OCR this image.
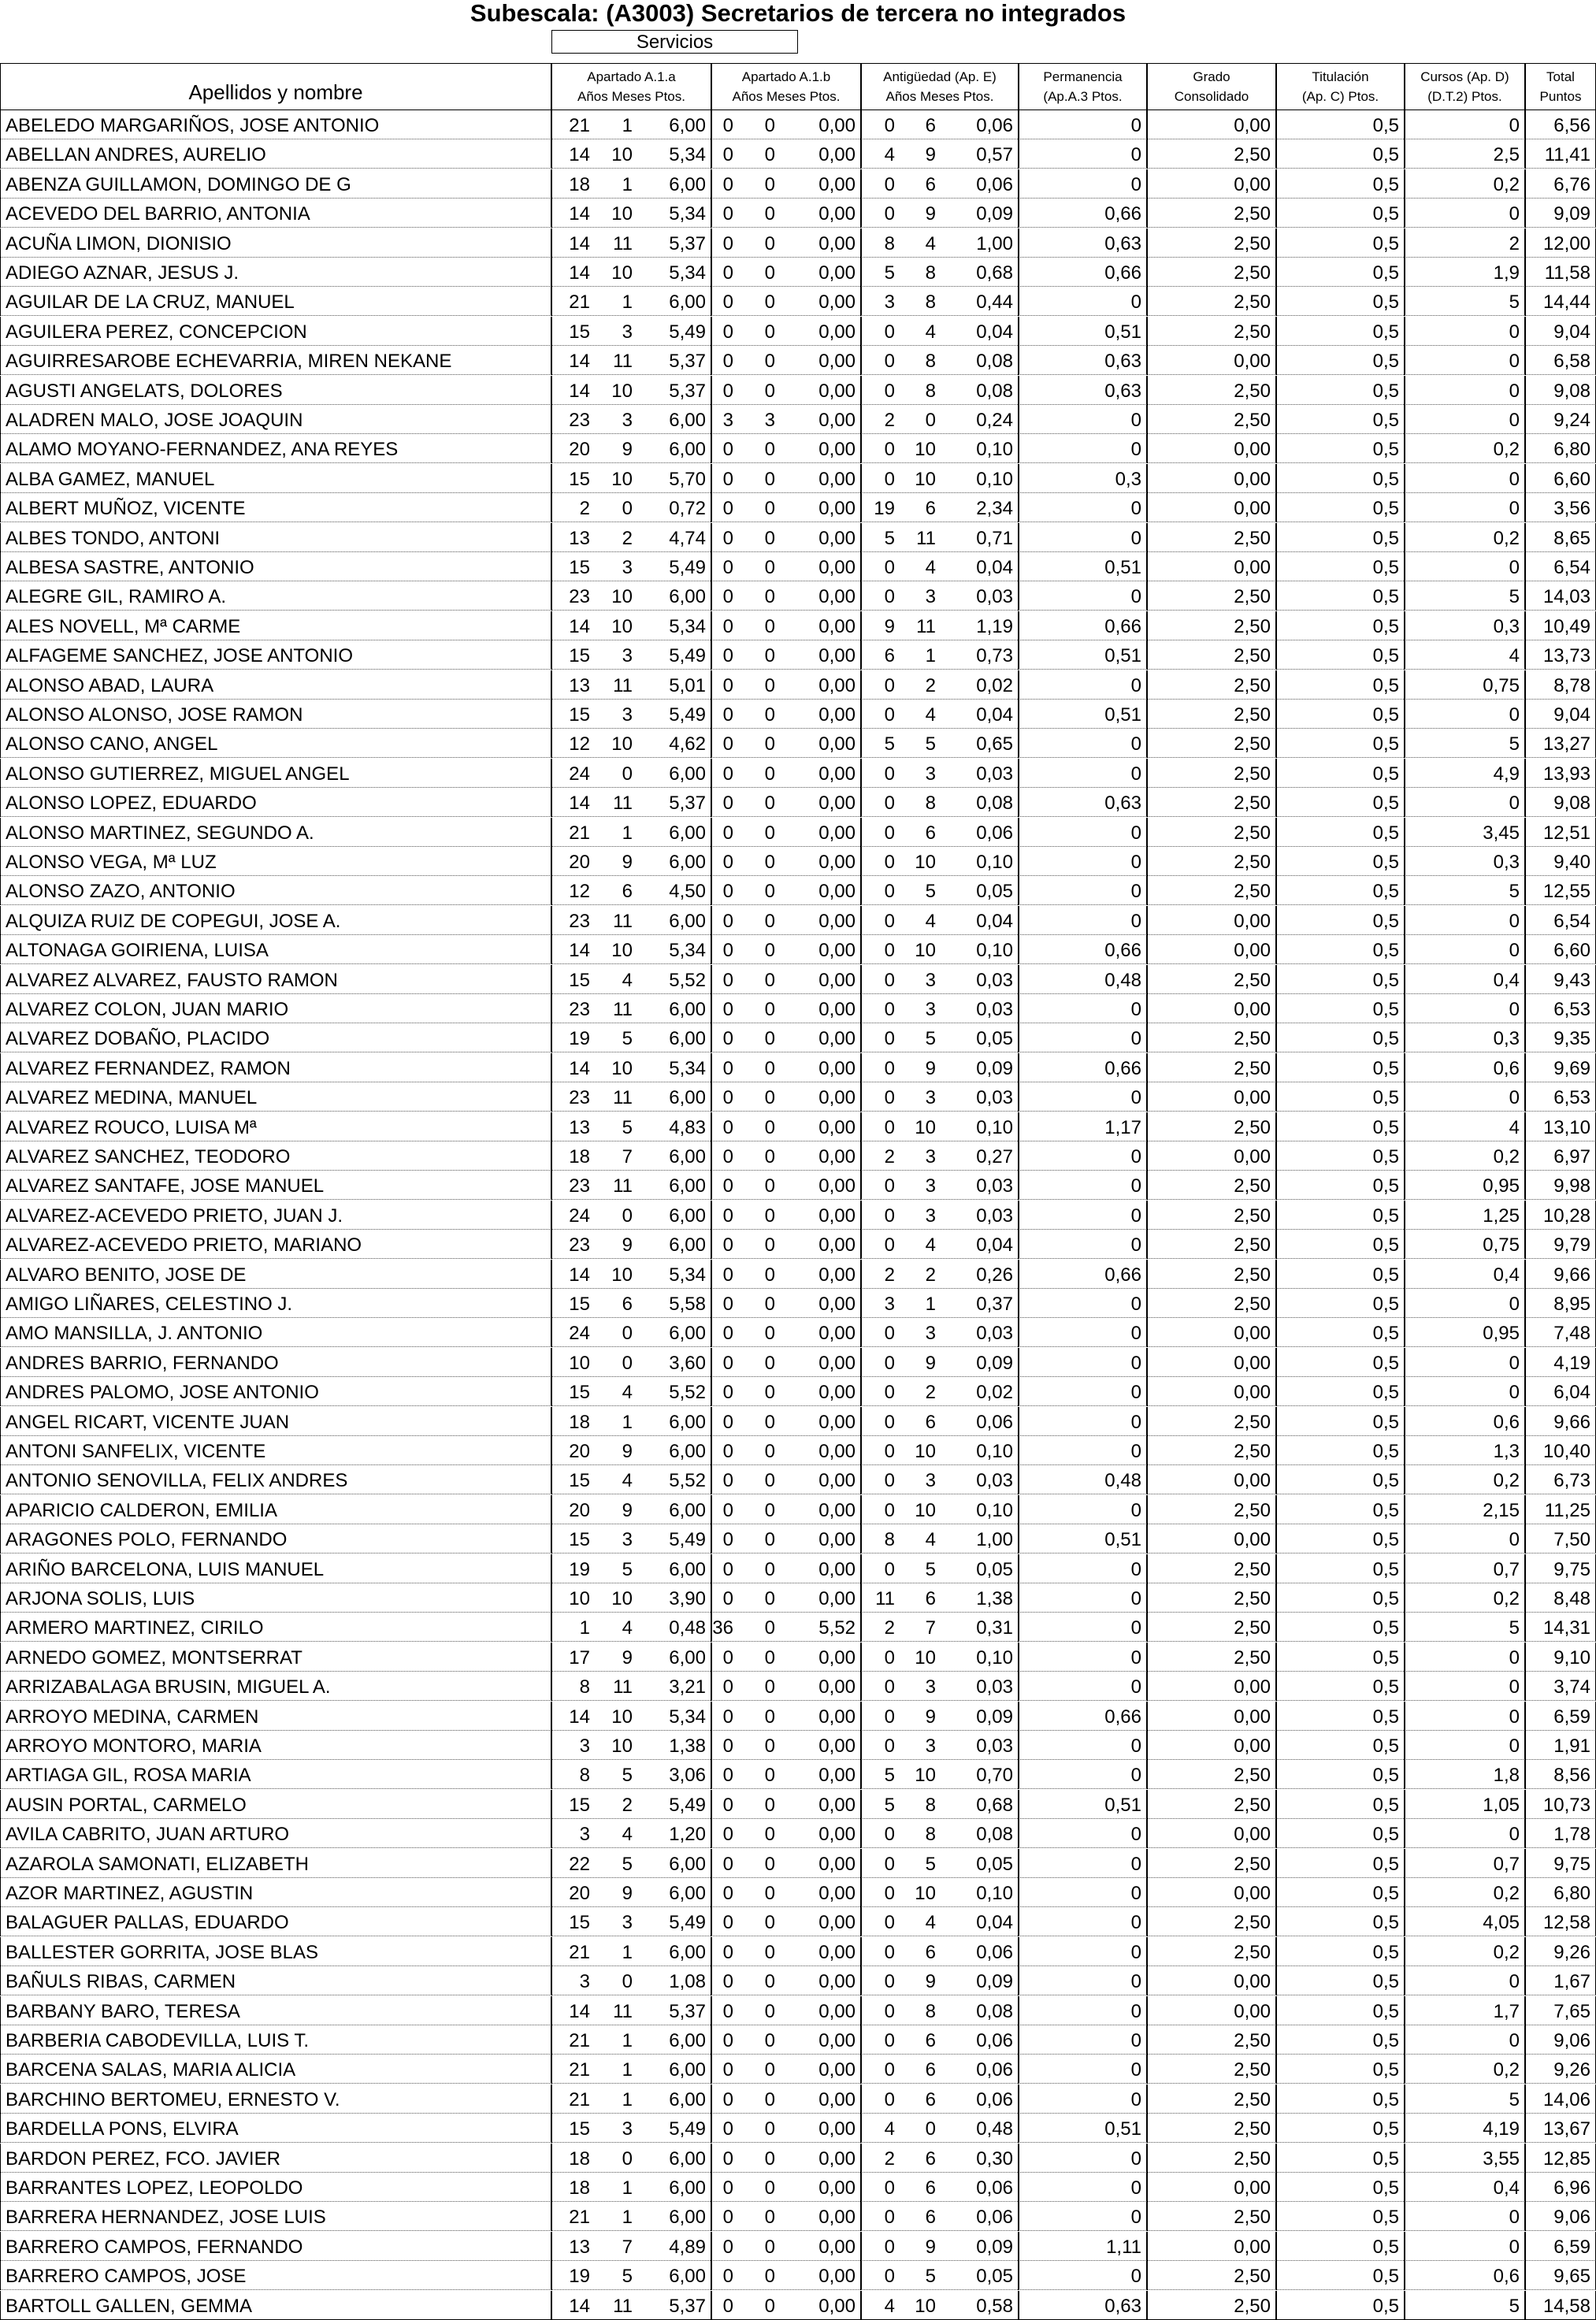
Subescala: (A3003) Secretarios de tercera no integrados
Servicios
Apellidos y nombre
Apartado A.1.a
Años Meses Ptos.
Apartado A.1.b
Años Meses Ptos.
Antigüedad (Ap. E)
Años Meses Ptos.
Permanencia
(Ap.A.3 Ptos.
Grado
Consolidado
Titulación
(Ap. C) Ptos.
Cursos (Ap. D)
(D.T.2) Ptos.
Total
Puntos
ABELEDO MARGARIÑOS, JOSE ANTONIO	21	1	6,00 0	0	0,00	0	6	0,06	0	0,00	0,5	0	6,56
ABELLAN ANDRES, AURELIO	14	10	5,34 0	0	0,00	4	9	0,57	0	2,50	0,5	2,5	11,41
ABENZA GUILLAMON, DOMINGO DE G	18	1	6,00 0	0	0,00	0	6	0,06	0	0,00	0,5	0,2	6,76
ACEVEDO DEL BARRIO, ANTONIA	14	10	5,34 0	0	0,00	0	9	0,09	0,66	2,50	0,5	0	9,09
ACUÑA LIMON, DIONISIO	14	11	5,37 0	0	0,00	8	4	1,00	0,63	2,50	0,5	2	12,00
ADIEGO AZNAR, JESUS J.	14	10	5,34 0	0	0,00	5	8	0,68	0,66	2,50	0,5	1,9	11,58
AGUILAR DE LA CRUZ, MANUEL	21	1	6,00 0	0	0,00	3	8	0,44	0	2,50	0,5	5	14,44
AGUILERA PEREZ, CONCEPCION	15	3	5,49 0	0	0,00	0	4	0,04	0,51	2,50	0,5	0	9,04
AGUIRRESAROBE ECHEVARRIA, MIREN NEKANE	14	11	5,37 0	0	0,00	0	8	0,08	0,63	0,00	0,5	0	6,58
AGUSTI ANGELATS, DOLORES	14	10	5,37 0	0	0,00	0	8	0,08	0,63	2,50	0,5	0	9,08
ALADREN MALO, JOSE JOAQUIN	23	3	6,00 3	3	0,00	2	0	0,24	0	2,50	0,5	0	9,24
ALAMO MOYANO-FERNANDEZ, ANA REYES	20	9	6,00 0	0	0,00	0	10	0,10	0	0,00	0,5	0,2	6,80
ALBA GAMEZ, MANUEL	15	10	5,70 0	0	0,00	0	10	0,10	0,3	0,00	0,5	0	6,60
ALBERT MUÑOZ, VICENTE	2	0	0,72 0	0	0,00 19	6	2,34	0	0,00	0,5	0	3,56
ALBES TONDO, ANTONI	13	2	4,74 0	0	0,00	5	11	0,71	0	2,50	0,5	0,2	8,65
ALBESA SASTRE, ANTONIO	15	3	5,49 0	0	0,00	0	4	0,04	0,51	0,00	0,5	0	6,54
ALEGRE GIL, RAMIRO A.	23	10	6,00 0	0	0,00	0	3	0,03	0	2,50	0,5	5	14,03
ALES NOVELL, Mª CARME	14	10	5,34 0	0	0,00	9	11	1,19	0,66	2,50	0,5	0,3	10,49
ALFAGEME SANCHEZ, JOSE ANTONIO	15	3	5,49 0	0	0,00	6	1	0,73	0,51	2,50	0,5	4	13,73
ALONSO ABAD, LAURA	13	11	5,01 0	0	0,00	0	2	0,02	0	2,50	0,5	0,75	8,78
ALONSO ALONSO, JOSE RAMON	15	3	5,49 0	0	0,00	0	4	0,04	0,51	2,50	0,5	0	9,04
ALONSO CANO, ANGEL	12	10	4,62 0	0	0,00	5	5	0,65	0	2,50	0,5	5	13,27
ALONSO GUTIERREZ, MIGUEL ANGEL	24	0	6,00 0	0	0,00	0	3	0,03	0	2,50	0,5	4,9	13,93
ALONSO LOPEZ, EDUARDO	14	11	5,37 0	0	0,00	0	8	0,08	0,63	2,50	0,5	0	9,08
ALONSO MARTINEZ, SEGUNDO A.	21	1	6,00 0	0	0,00	0	6	0,06	0	2,50	0,5	3,45	12,51
ALONSO VEGA, Mª LUZ	20	9	6,00 0	0	0,00	0	10	0,10	0	2,50	0,5	0,3	9,40
ALONSO ZAZO, ANTONIO	12	6	4,50 0	0	0,00	0	5	0,05	0	2,50	0,5	5	12,55
ALQUIZA RUIZ DE COPEGUI, JOSE A.	23	11	6,00 0	0	0,00	0	4	0,04	0	0,00	0,5	0	6,54
ALTONAGA GOIRIENA, LUISA	14	10	5,34 0	0	0,00	0	10	0,10	0,66	0,00	0,5	0	6,60
ALVAREZ ALVAREZ, FAUSTO RAMON	15	4	5,52 0	0	0,00	0	3	0,03	0,48	2,50	0,5	0,4	9,43
ALVAREZ COLON, JUAN MARIO	23	11	6,00 0	0	0,00	0	3	0,03	0	0,00	0,5	0	6,53
ALVAREZ DOBAÑO, PLACIDO	19	5	6,00 0	0	0,00	0	5	0,05	0	2,50	0,5	0,3	9,35
ALVAREZ FERNANDEZ, RAMON	14	10	5,34 0	0	0,00	0	9	0,09	0,66	2,50	0,5	0,6	9,69
ALVAREZ MEDINA, MANUEL	23	11	6,00 0	0	0,00	0	3	0,03	0	0,00	0,5	0	6,53
ALVAREZ ROUCO, LUISA Mª	13	5	4,83 0	0	0,00	0	10	0,10	1,17	2,50	0,5	4	13,10
ALVAREZ SANCHEZ, TEODORO	18	7	6,00 0	0	0,00	2	3	0,27	0	0,00	0,5	0,2	6,97
ALVAREZ SANTAFE, JOSE MANUEL	23	11	6,00 0	0	0,00	0	3	0,03	0	2,50	0,5	0,95	9,98
ALVAREZ-ACEVEDO PRIETO, JUAN J.	24	0	6,00 0	0	0,00	0	3	0,03	0	2,50	0,5	1,25	10,28
ALVAREZ-ACEVEDO PRIETO, MARIANO	23	9	6,00 0	0	0,00	0	4	0,04	0	2,50	0,5	0,75	9,79
ALVARO BENITO, JOSE DE	14	10	5,34 0	0	0,00	2	2	0,26	0,66	2,50	0,5	0,4	9,66
AMIGO LIÑARES, CELESTINO J.	15	6	5,58 0	0	0,00	3	1	0,37	0	2,50	0,5	0	8,95
AMO MANSILLA, J. ANTONIO	24	0	6,00 0	0	0,00	0	3	0,03	0	0,00	0,5	0,95	7,48
ANDRES BARRIO, FERNANDO	10	0	3,60 0	0	0,00	0	9	0,09	0	0,00	0,5	0	4,19
ANDRES PALOMO, JOSE ANTONIO	15	4	5,52 0	0	0,00	0	2	0,02	0	0,00	0,5	0	6,04
ANGEL RICART, VICENTE JUAN	18	1	6,00 0	0	0,00	0	6	0,06	0	2,50	0,5	0,6	9,66
ANTONI SANFELIX, VICENTE	20	9	6,00 0	0	0,00	0	10	0,10	0	2,50	0,5	1,3	10,40
ANTONIO SENOVILLA, FELIX ANDRES	15	4	5,52 0	0	0,00	0	3	0,03	0,48	0,00	0,5	0,2	6,73
APARICIO CALDERON, EMILIA	20	9	6,00 0	0	0,00	0	10	0,10	0	2,50	0,5	2,15	11,25
ARAGONES POLO, FERNANDO	15	3	5,49 0	0	0,00	8	4	1,00	0,51	0,00	0,5	0	7,50
ARIÑO BARCELONA, LUIS MANUEL	19	5	6,00 0	0	0,00	0	5	0,05	0	2,50	0,5	0,7	9,75
ARJONA SOLIS, LUIS	10	10	3,90 0	0	0,00	11	6	1,38	0	2,50	0,5	0,2	8,48
ARMERO MARTINEZ, CIRILO	1	4	0,48 36	0	5,52	2	7	0,31	0	2,50	0,5	5	14,31
ARNEDO GOMEZ, MONTSERRAT	17	9	6,00 0	0	0,00	0	10	0,10	0	2,50	0,5	0	9,10
ARRIZABALAGA BRUSIN, MIGUEL A.	8	11	3,21 0	0	0,00	0	3	0,03	0	0,00	0,5	0	3,74
ARROYO MEDINA, CARMEN	14	10	5,34 0	0	0,00	0	9	0,09	0,66	0,00	0,5	0	6,59
ARROYO MONTORO, MARIA	3	10	1,38 0	0	0,00	0	3	0,03	0	0,00	0,5	0	1,91
ARTIAGA GIL, ROSA MARIA	8	5	3,06 0	0	0,00	5	10	0,70	0	2,50	0,5	1,8	8,56
AUSIN PORTAL, CARMELO	15	2	5,49 0	0	0,00	5	8	0,68	0,51	2,50	0,5	1,05	10,73
AVILA CABRITO, JUAN ARTURO	3	4	1,20 0	0	0,00	0	8	0,08	0	0,00	0,5	0	1,78
AZAROLA SAMONATI, ELIZABETH	22	5	6,00 0	0	0,00	0	5	0,05	0	2,50	0,5	0,7	9,75
AZOR MARTINEZ, AGUSTIN	20	9	6,00 0	0	0,00	0	10	0,10	0	0,00	0,5	0,2	6,80
BALAGUER PALLAS, EDUARDO	15	3	5,49 0	0	0,00	0	4	0,04	0	2,50	0,5	4,05	12,58
BALLESTER GORRITA, JOSE BLAS	21	1	6,00 0	0	0,00	0	6	0,06	0	2,50	0,5	0,2	9,26
BAÑULS RIBAS, CARMEN	3	0	1,08 0	0	0,00	0	9	0,09	0	0,00	0,5	0	1,67
BARBANY BARO, TERESA	14	11	5,37 0	0	0,00	0	8	0,08	0	0,00	0,5	1,7	7,65
BARBERIA CABODEVILLA, LUIS T.	21	1	6,00 0	0	0,00	0	6	0,06	0	2,50	0,5	0	9,06
BARCENA SALAS, MARIA ALICIA	21	1	6,00 0	0	0,00	0	6	0,06	0	2,50	0,5	0,2	9,26
BARCHINO BERTOMEU, ERNESTO V.	21	1	6,00 0	0	0,00	0	6	0,06	0	2,50	0,5	5	14,06
BARDELLA PONS, ELVIRA	15	3	5,49 0	0	0,00	4	0	0,48	0,51	2,50	0,5	4,19	13,67
BARDON PEREZ, FCO. JAVIER	18	0	6,00 0	0	0,00	2	6	0,30	0	2,50	0,5	3,55	12,85
BARRANTES LOPEZ, LEOPOLDO	18	1	6,00 0	0	0,00	0	6	0,06	0	0,00	0,5	0,4	6,96
BARRERA HERNANDEZ, JOSE LUIS	21	1	6,00 0	0	0,00	0	6	0,06	0	2,50	0,5	0	9,06
BARRERO CAMPOS, FERNANDO	13	7	4,89 0	0	0,00	0	9	0,09	1,11	0,00	0,5	0	6,59
BARRERO CAMPOS, JOSE	19	5	6,00 0	0	0,00	0	5	0,05	0	2,50	0,5	0,6	9,65
BARTOLL GALLEN, GEMMA	14	11	5,37 0	0	0,00	4	10	0,58	0,63	2,50	0,5	5	14,58
